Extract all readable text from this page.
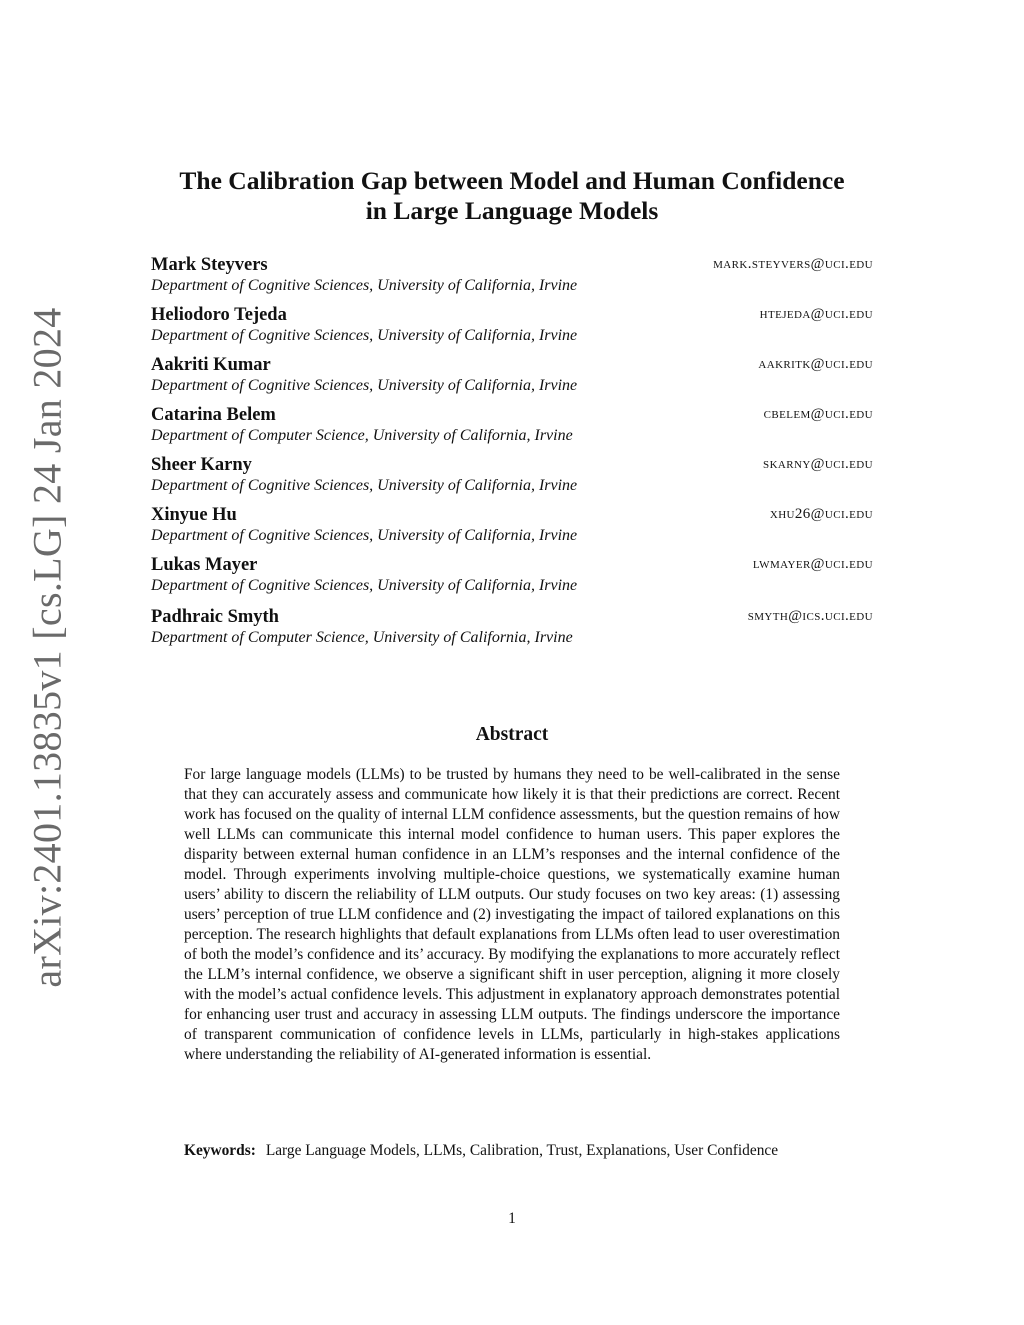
arXiv:2401.13835v1 [cs.LG] 24 Jan 2024
The Calibration Gap between Model and Human Confidence
in Large Language Models
Mark Steyvers
Department of Cognitive Sciences, University of California, Irvine
mark.steyvers@uci.edu
Heliodoro Tejeda
Department of Cognitive Sciences, University of California, Irvine
htejeda@uci.edu
Aakriti Kumar
Department of Cognitive Sciences, University of California, Irvine
aakritk@uci.edu
Catarina Belem
Department of Computer Science, University of California, Irvine
cbelem@uci.edu
Sheer Karny
Department of Cognitive Sciences, University of California, Irvine
skarny@uci.edu
Xinyue Hu
Department of Cognitive Sciences, University of California, Irvine
xhu26@uci.edu
Lukas Mayer
Department of Cognitive Sciences, University of California, Irvine
lwmayer@uci.edu
Padhraic Smyth
Department of Computer Science, University of California, Irvine
smyth@ics.uci.edu
Abstract
For large language models (LLMs) to be trusted by humans they need to be well-calibrated in the sense that they can accurately assess and communicate how likely it is that their predictions are correct. Recent work has focused on the quality of internal LLM confidence assessments, but the question remains of how well LLMs can communicate this internal model confidence to human users. This paper explores the disparity between external human confidence in an LLM’s responses and the internal confidence of the model. Through experiments involving multiple-choice questions, we systematically examine human users’ ability to discern the reliability of LLM outputs. Our study focuses on two key areas: (1) assessing users’ perception of true LLM confidence and (2) investigating the impact of tailored explanations on this perception. The research highlights that default explanations from LLMs often lead to user overestimation of both the model’s confidence and its’ accuracy. By modifying the explanations to more accurately reflect the LLM’s internal confidence, we observe a significant shift in user perception, aligning it more closely with the model’s actual confidence levels. This adjustment in explanatory approach demonstrates potential for enhancing user trust and accuracy in assessing LLM outputs. The findings underscore the importance of transparent communication of confidence levels in LLMs, particularly in high-stakes applications where understanding the reliability of AI-generated information is essential.
Keywords: Large Language Models, LLMs, Calibration, Trust, Explanations, User Confidence
1
